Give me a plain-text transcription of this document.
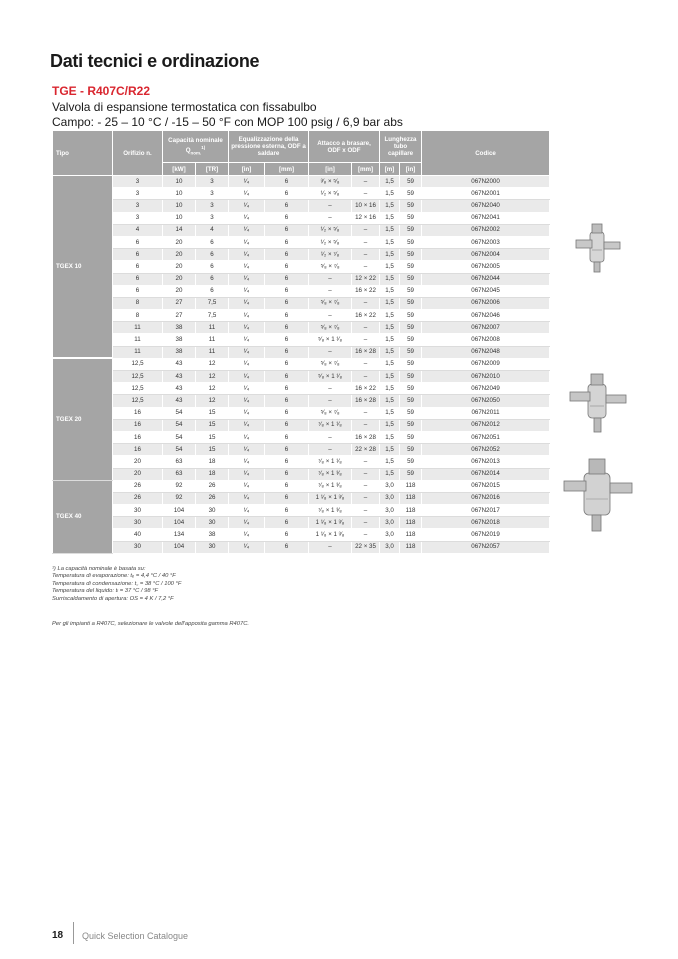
Dati tecnici e ordinazione
TGE - R407C/R22
Valvola di espansione termostatica con fissabulbo
Campo: - 25 – 10 °C / -15 – 50 °F con MOP 100 psig / 6,9 bar abs
Tipo	Orifizio n.	Capacità nominale $Q_{nom.}^{1)}$		Equalizzazione della pressione esterna, ODF a saldare		Attacco a brasare, ODF x ODF		Lunghezza tubo capillare		Codice
		[kW]	[TR]	[in]	[mm]	[in]	[mm]	[m]	[in]	
TGEX 10	3	10	3	¹⁄₄	6	³⁄₈ × ⁵⁄₈	–	1,5	59	067N2000
	3	10	3	¹⁄₄	6	¹⁄₂ × ⁵⁄₈	–	1,5	59	067N2001
	3	10	3	¹⁄₄	6	–	10 × 16	1,5	59	067N2040
	3	10	3	¹⁄₄	6	–	12 × 16	1,5	59	067N2041
	4	14	4	¹⁄₄	6	¹⁄₂ × ⁵⁄₈	–	1,5	59	067N2002
	6	20	6	¹⁄₄	6	¹⁄₂ × ⁵⁄₈	–	1,5	59	067N2003
	6	20	6	¹⁄₄	6	¹⁄₂ × ⁷⁄₈	–	1,5	59	067N2004
	6	20	6	¹⁄₄	6	⁵⁄₈ × ⁷⁄₈	–	1,5	59	067N2005
	6	20	6	¹⁄₄	6	–	12 × 22	1,5	59	067N2044
	6	20	6	¹⁄₄	6	–	16 × 22	1,5	59	067N2045
	8	27	7,5	¹⁄₄	6	⁵⁄₈ × ⁷⁄₈	–	1,5	59	067N2006
	8	27	7,5	¹⁄₄	6	–	16 × 22	1,5	59	067N2046
	11	38	11	¹⁄₄	6	⁵⁄₈ × ⁷⁄₈	–	1,5	59	067N2007
	11	38	11	¹⁄₄	6	⁵⁄₈ × 1 ¹⁄₈	–	1,5	59	067N2008
	11	38	11	¹⁄₄	6	–	16 × 28	1,5	59	067N2048
TGEX 20	12,5	43	12	¹⁄₄	6	⁵⁄₈ × ⁷⁄₈	–	1,5	59	067N2009
	12,5	43	12	¹⁄₄	6	⁵⁄₈ × 1 ¹⁄₈	–	1,5	59	067N2010
	12,5	43	12	¹⁄₄	6	–	16 × 22	1,5	59	067N2049
	12,5	43	12	¹⁄₄	6	–	16 × 28	1,5	59	067N2050
	16	54	15	¹⁄₄	6	⁵⁄₈ × ⁷⁄₈	–	1,5	59	067N2011
	16	54	15	¹⁄₄	6	⁷⁄₈ × 1 ¹⁄₈	–	1,5	59	067N2012
	16	54	15	¹⁄₄	6	–	16 × 28	1,5	59	067N2051
	16	54	15	¹⁄₄	6	–	22 × 28	1,5	59	067N2052
	20	63	18	¹⁄₄	6	⁷⁄₈ × 1 ¹⁄₈	–	1,5	59	067N2013
	20	63	18	¹⁄₄	6	⁷⁄₈ × 1 ³⁄₈	–	1,5	59	067N2014
TGEX 40	26	92	26	¹⁄₄	6	⁷⁄₈ × 1 ³⁄₈	–	3,0	118	067N2015
	26	92	26	¹⁄₄	6	1 ¹⁄₈ × 1 ³⁄₈	–	3,0	118	067N2016
	30	104	30	¹⁄₄	6	⁷⁄₈ × 1 ³⁄₈	–	3,0	118	067N2017
	30	104	30	¹⁄₄	6	1 ¹⁄₈ × 1 ³⁄₈	–	3,0	118	067N2018
	40	134	38	¹⁄₄	6	1 ¹⁄₈ × 1 ³⁄₈	–	3,0	118	067N2019
	30	104	30	¹⁄₄	6	–	22 × 35	3,0	118	067N2057
¹) La capacità nominale è basata su:
Temperatura di evaporazione: tₑ = 4,4 °C / 40 °F
Temperatura di condensazione: t꜀ = 38 °C / 100 °F
Temperatura del liquido: tₗ = 37 °C / 98 °F
Surriscaldamento di apertura: OS = 4 K / 7,2 °F
Per gli impianti a R407C, selezionare le valvole dell'apposita gamma R407C.
18 Quick Selection Catalogue
